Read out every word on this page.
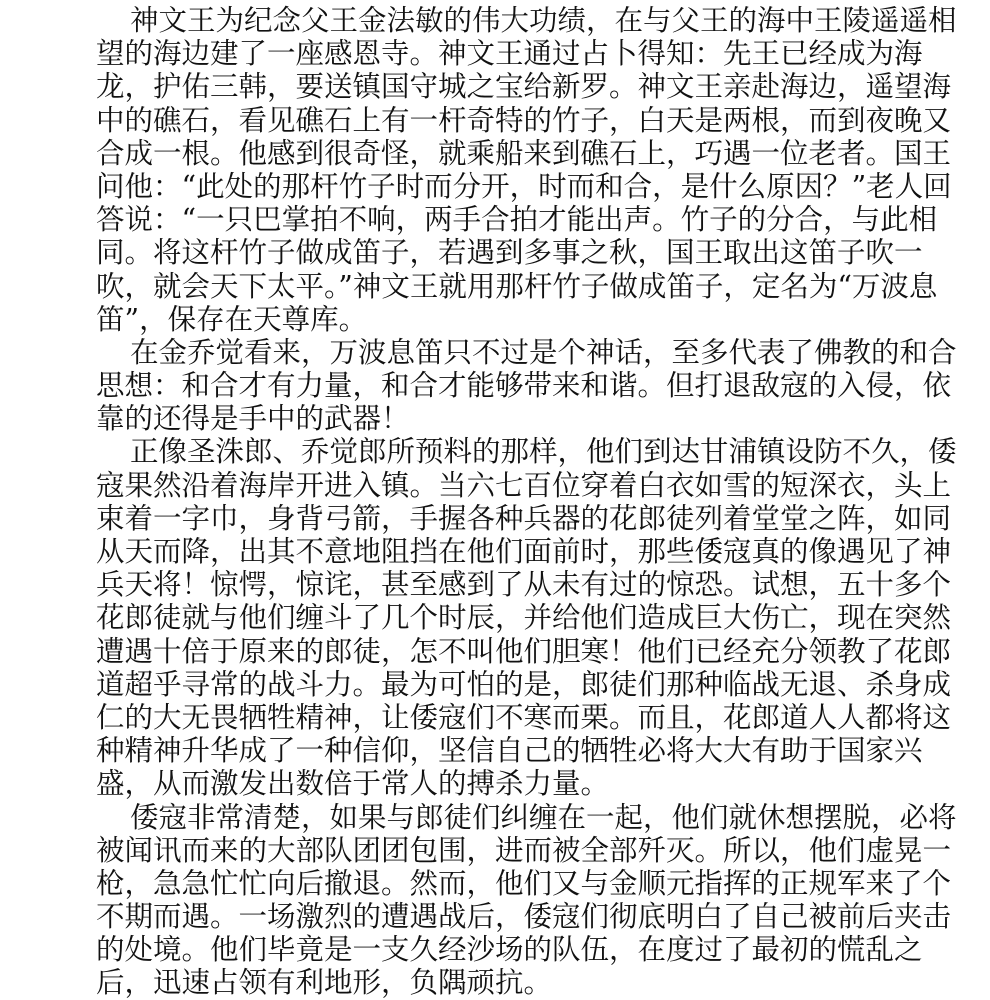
神文王为纪念父王金法敏的伟大功绩，在与父王的海中王陵遥遥相
望的海边建了一座感恩寺。神文王通过占卜得知：先王已经成为海
龙，护佑三韩，要送镇国守城之宝给新罗。神文王亲赴海边，遥望海
中的礁石，看见礁石上有一杆奇特的竹子，白天是两根，而到夜晚又
合成一根。他感到很奇怪，就乘船来到礁石上，巧遇一位老者。国王
问他：“此处的那杆竹子时而分开，时而和合，是什么原因？”老人回
答说：“一只巴掌拍不响，两手合拍才能出声。竹子的分合，与此相
同。将这杆竹子做成笛子，若遇到多事之秋，国王取出这笛子吹一
吹，就会天下太平。”神文王就用那杆竹子做成笛子，定名为“万波息
笛”，保存在天尊库。
在金乔觉看来，万波息笛只不过是个神话，至多代表了佛教的和合
思想：和合才有力量，和合才能够带来和谐。但打退敌寇的入侵，依
靠的还得是手中的武器！
正像圣洙郎、乔觉郎所预料的那样，他们到达甘浦镇设防不久，倭
寇果然沿着海岸开进入镇。当六七百位穿着白衣如雪的短深衣，头上
束着一字巾，身背弓箭，手握各种兵器的花郎徒列着堂堂之阵，如同
从天而降，出其不意地阻挡在他们面前时，那些倭寇真的像遇见了神
兵天将！惊愕，惊诧，甚至感到了从未有过的惊恐。试想，五十多个
花郎徒就与他们缠斗了几个时辰，并给他们造成巨大伤亡，现在突然
遭遇十倍于原来的郎徒，怎不叫他们胆寒！他们已经充分领教了花郎
道超乎寻常的战斗力。最为可怕的是，郎徒们那种临战无退、杀身成
仁的大无畏牺牲精神，让倭寇们不寒而栗。而且，花郎道人人都将这
种精神升华成了一种信仰，坚信自己的牺牲必将大大有助于国家兴
盛，从而激发出数倍于常人的搏杀力量。
倭寇非常清楚，如果与郎徒们纠缠在一起，他们就休想摆脱，必将
被闻讯而来的大部队团团包围，进而被全部歼灭。所以，他们虚晃一
枪，急急忙忙向后撤退。然而，他们又与金顺元指挥的正规军来了个
不期而遇。一场激烈的遭遇战后，倭寇们彻底明白了自己被前后夹击
的处境。他们毕竟是一支久经沙场的队伍，在度过了最初的慌乱之
后，迅速占领有利地形，负隅顽抗。
